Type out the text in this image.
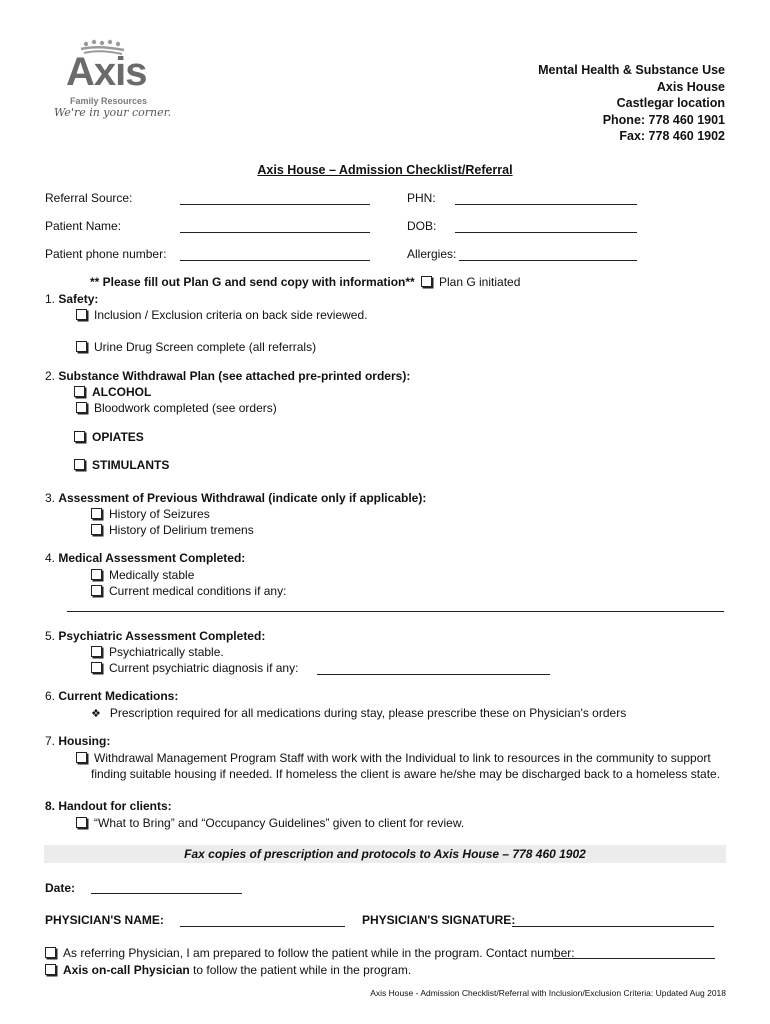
Axis
Family Resources
We're in your corner.
Mental Health & Substance Use
Axis House
Castlegar location
Phone: 778 460 1901
Fax: 778 460 1902
Axis House – Admission Checklist/Referral
Referral Source:	PHN:
Patient Name:	DOB:
Patient phone number:	Allergies:
** Please fill out Plan G and send copy with information**	Plan G initiated
1. Safety:
Inclusion / Exclusion criteria on back side reviewed.
Urine Drug Screen complete (all referrals)
2. Substance Withdrawal Plan (see attached pre-printed orders):
ALCOHOL
Bloodwork completed (see orders)
OPIATES
STIMULANTS
3. Assessment of Previous Withdrawal (indicate only if applicable):
History of Seizures
History of Delirium tremens
4. Medical Assessment Completed:
Medically stable
Current medical conditions if any:
5. Psychiatric Assessment Completed:
Psychiatrically stable.
Current psychiatric diagnosis if any:
6. Current Medications:
❖ Prescription required for all medications during stay, please prescribe these on Physician's orders
7. Housing:
Withdrawal Management Program Staff with work with the Individual to link to resources in the community to support
finding suitable housing if needed. If homeless the client is aware he/she may be discharged back to a homeless state.
8. Handout for clients:
“What to Bring” and “Occupancy Guidelines” given to client for review.
Fax copies of prescription and protocols to Axis House – 778 460 1902
Date:
PHYSICIAN'S NAME:	PHYSICIAN'S SIGNATURE:
As referring Physician, I am prepared to follow the patient while in the program. Contact number:
Axis on-call Physician to follow the patient while in the program.
Axis House - Admission Checklist/Referral with Inclusion/Exclusion Criteria: Updated Aug 2018
